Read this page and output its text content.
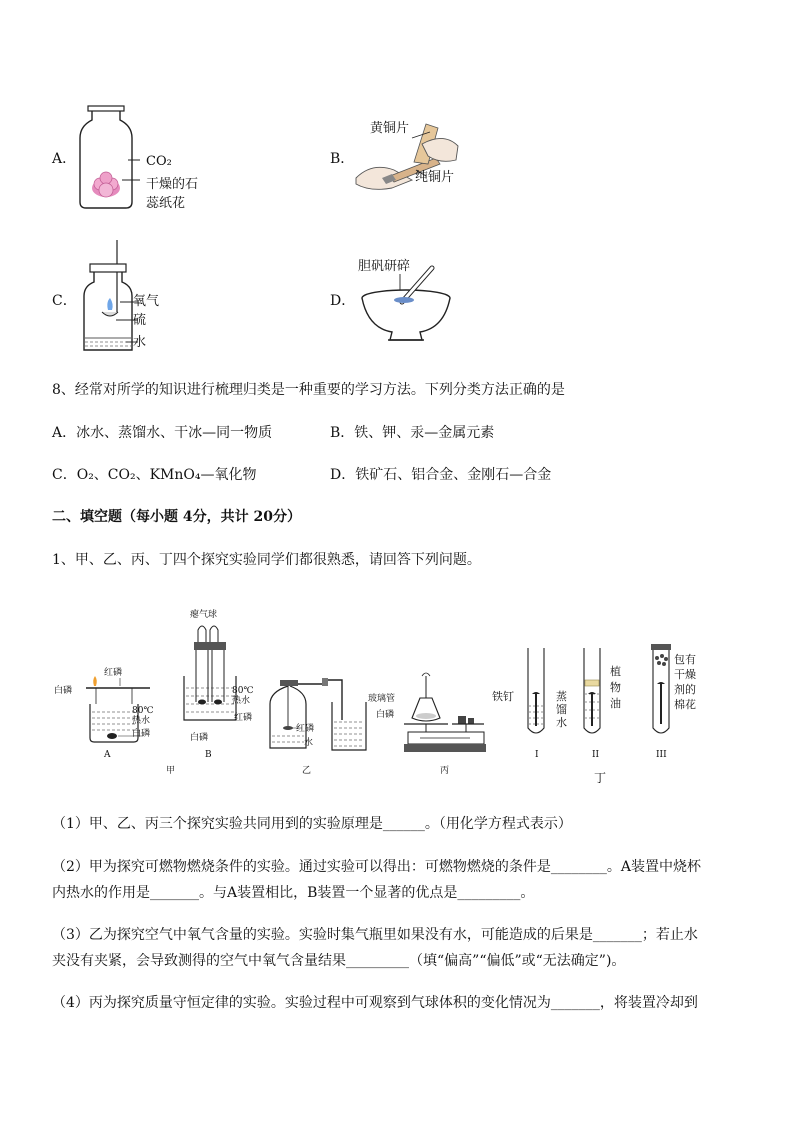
A．	CO₂
干燥的石
蕊纸花
B．
黄铜片
纯铜片
C．	氧气
硫
水
D．
胆矾研碎
8、经常对所学的知识进行梳理归类是一种重要的学习方法。下列分类方法正确的是
A．冰水、蒸馏水、干冰—同一物质	B．铁、钾、汞—金属元素
C．O₂、CO₂、KMnO₄—氧化物	D．铁矿石、铝合金、金刚石—合金
二、填空题（每小题 4分，共计 20分）
1、甲、乙、丙、丁四个探究实验同学们都很熟悉，请回答下列问题。
红磷
白磷
80℃
热水
白磷
A
瘪气球
80℃
热水
红磷
白磷
B
甲
红磷
水
乙
玻璃管
白磷
丙
铁钉
I
蒸
馏
水
植
物
油
II
包有
干燥
剂的
棉花
III
丁
（1）甲、乙、丙三个探究实验共同用到的实验原理是______。（用化学方程式表示）
（2）甲为探究可燃物燃烧条件的实验。通过实验可以得出：可燃物燃烧的条件是________。A装置中烧杯
内热水的作用是_______。与A装置相比，B装置一个显著的优点是_________。
（3）乙为探究空气中氧气含量的实验。实验时集气瓶里如果没有水，可能造成的后果是_______；若止水
夹没有夹紧，会导致测得的空气中氧气含量结果_________（填“偏高”“偏低”或“无法确定”)。
（4）丙为探究质量守恒定律的实验。实验过程中可观察到气球体积的变化情况为_______，将装置冷却到
